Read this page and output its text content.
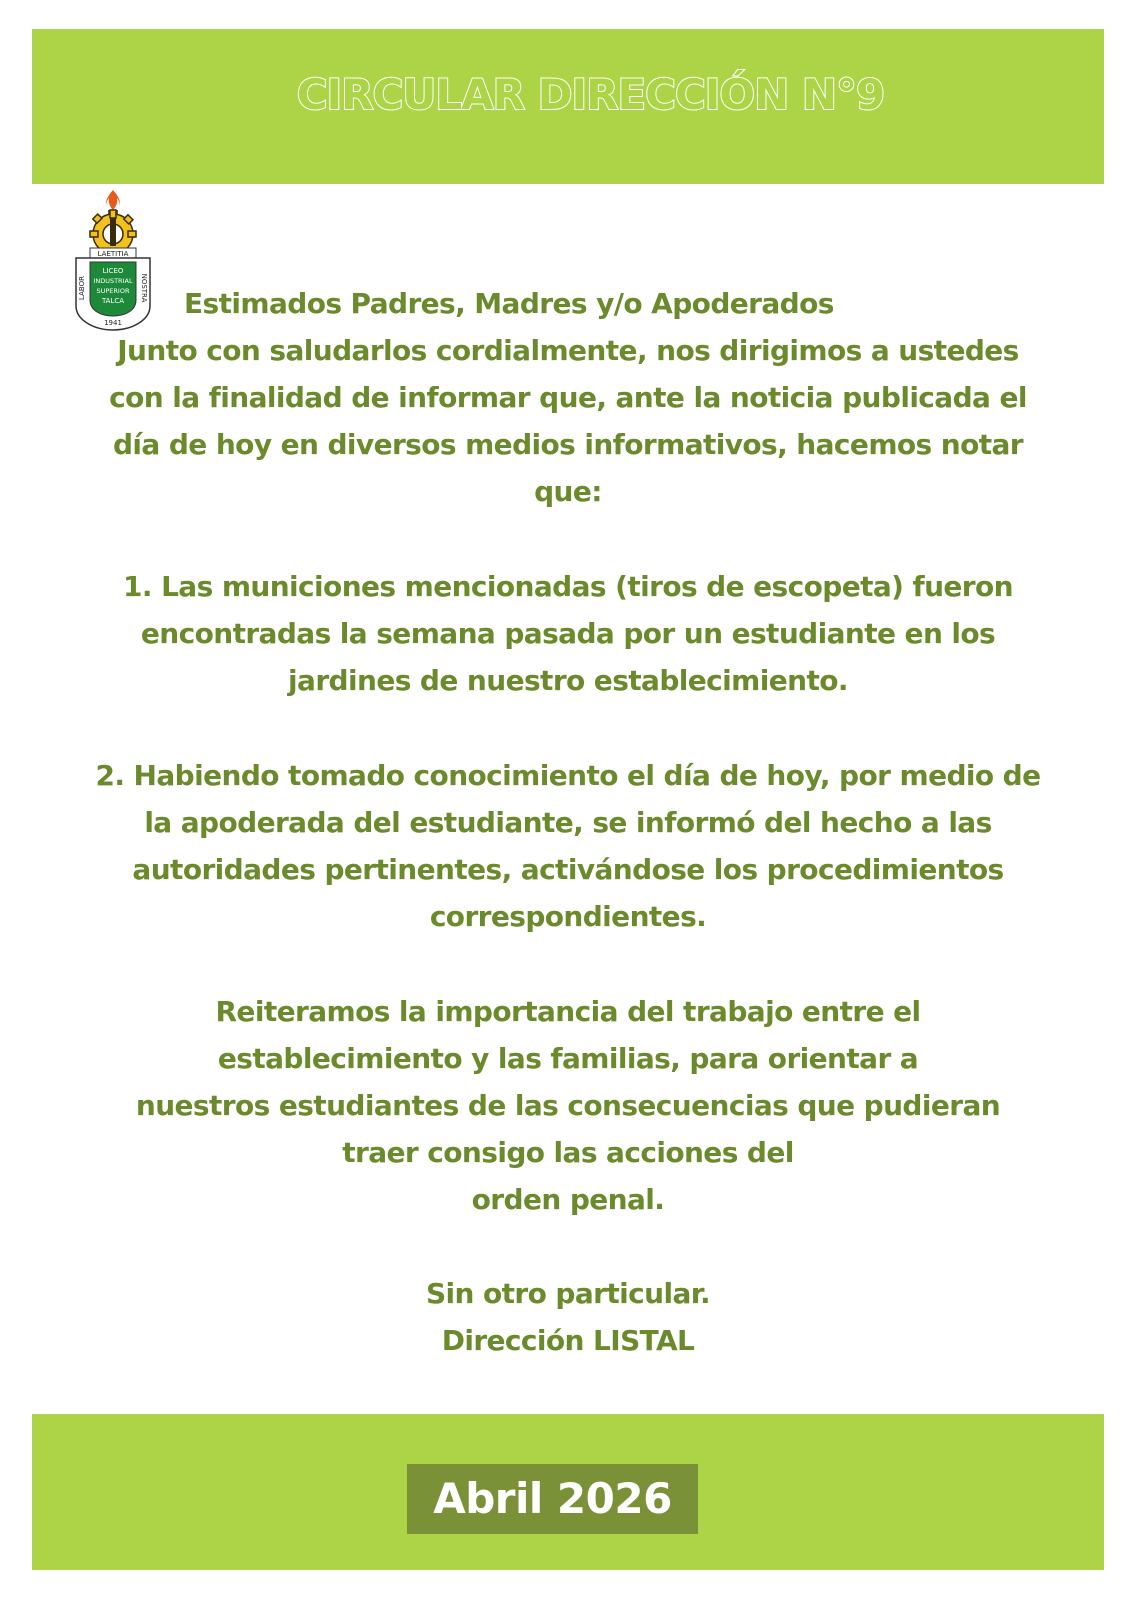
CIRCULAR DIRECCIÓN N°9
LAETITIA
LABOR	NOSTRA
LICEO
INDUSTRIAL
SUPERIOR
TALCA
1941
Estimados Padres, Madres y/o Apoderados
Junto con saludarlos cordialmente, nos dirigimos a ustedes
con la finalidad de informar que, ante la noticia publicada el
día de hoy en diversos medios informativos, hacemos notar
que:
1. Las municiones mencionadas (tiros de escopeta) fueron
encontradas la semana pasada por un estudiante en los
jardines de nuestro establecimiento.
2. Habiendo tomado conocimiento el día de hoy, por medio de
la apoderada del estudiante, se informó del hecho a las
autoridades pertinentes, activándose los procedimientos
correspondientes.
Reiteramos la importancia del trabajo entre el
establecimiento y las familias, para orientar a
nuestros estudiantes de las consecuencias que pudieran
traer consigo las acciones del
orden penal.
Sin otro particular.
Dirección LISTAL
Abril 2026
